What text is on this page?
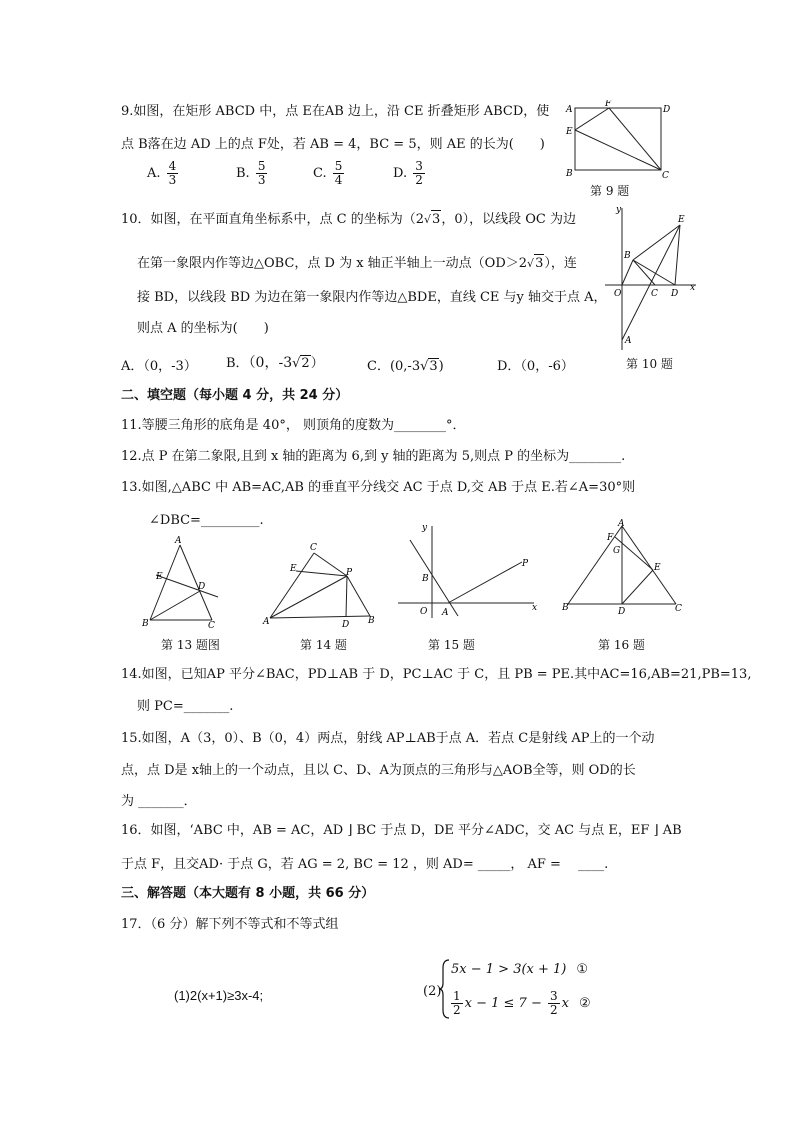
9.如图，在矩形 ABCD 中，点 E在AB 边上，沿 CE 折叠矩形 ABCD，使
点 B落在边 AD 上的点 F处，若 AB = 4，BC = 5，则 AE 的长为(　　)
A. $\frac{4}{3}$	B. $\frac{5}{3}$	C. $\frac{5}{4}$	D. $\frac{3}{2}$
A
F
D
E
B	C
第 9 题
10．如图，在平面直角坐标系中，点 C 的坐标为（2√3，0），以线段 OC 为边
在第一象限内作等边△OBC，点 D 为 x 轴正半轴上一动点（OD＞2√3），连
接 BD，以线段 BD 为边在第一象限内作等边△BDE，直线 CE 与y 轴交于点 A，
则点 A 的坐标为(　　)
A．（0，-3） B．（0，-3√2）	C．(0,-3√3)	D．（0，-6）
y
E
B
O	C D
x
A
第 10 题
二、填空题（每小题 4 分，共 24 分）
11.等腰三角形的底角是 40°， 则顶角的度数为________°．
12.点 P 在第二象限,且到 x 轴的距离为 6,到 y 轴的距离为 5,则点 P 的坐标为________.
13.如图,△ABC 中 AB=AC,AB 的垂直平分线交 AC 于点 D,交 AB 于点 E.若∠A=30°则
∠DBC=_________.
A
E
D
B	C
第 13 题图
C
E	P
A	D B
第 14 题
y
B
P
O A	x
第 15 题
A
F
G
E
B	D	C
第 16 题
14.如图，已知AP 平分∠BAC，PD⊥AB 于 D，PC⊥AC 于 C，且 PB = PE.其中AC=16,AB=21,PB=13,
则 PC=_______.
15.如图，A（3，0）、B（0，4）两点，射线 AP⊥AB于点 A．若点 C是射线 AP上的一个动
点，点 D是 x轴上的一个动点，且以 C、D、A为顶点的三角形与△AOB全等，则 OD的长
为 _______．
16．如图，‘ABC 中，AB = AC，AD ⌋ BC 于点 D，DE 平分∠ADC，交 AC 与点 E，EF ⌋ AB
于点 F，且交AD· 于点 G，若 AG = 2, BC = 12 ，则 AD= _____， AF = 　____.
三、解答题（本大题有 8 小题，共 66 分）
17．（6 分）解下列不等式和不等式组
(1)2(x+1)≥3x-4;	(2)
5x − 1 > 3(x + 1) ①
$\frac{1}{2}$ $x - 1 \le 7 - \frac{3}{2}$ x ②
